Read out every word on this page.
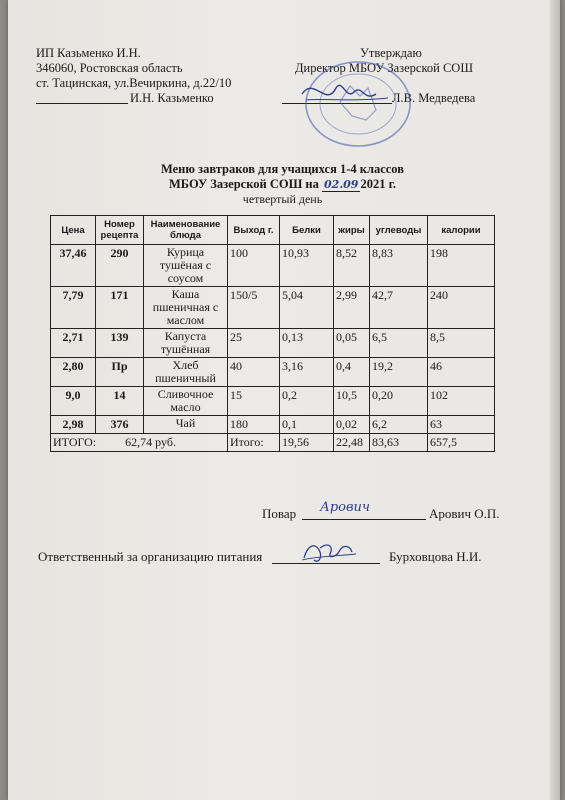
ИП Казьменко И.Н.
346060, Ростовская область
ст. Тацинская, ул.Вечиркина, д.22/10
И.Н. Казьменко
Утверждаю
Директор МБОУ Зазерской СОШ
Л.В. Медведева
Меню завтраков для учащихся 1-4 классов
МБОУ Зазерской СОШ на 02.09 2021 г.
четвертый день
Цена	Номер рецепта	Наименование блюда	Выход г.	Белки	жиры	углеводы	калории
37,46	290	Курица тушёная с соусом	100	10,93	8,52	8,83	198
7,79	171	Каша пшеничная с маслом	150/5	5,04	2,99	42,7	240
2,71	139	Капуста тушённая	25	0,13	0,05	6,5	8,5
2,80	Пр	Хлеб пшеничный	40	3,16	0,4	19,2	46
9,0	14	Сливочное масло	15	0,2	10,5	0,20	102
2,98	376	Чай	180	0,1	0,02	6,2	63
ИТОГО: 62,74 руб.			Итого:	19,56	22,48	83,63	657,5
Повар Арович	Арович О.П.
Ответственный за организацию питания	Бурховцова Н.И.
